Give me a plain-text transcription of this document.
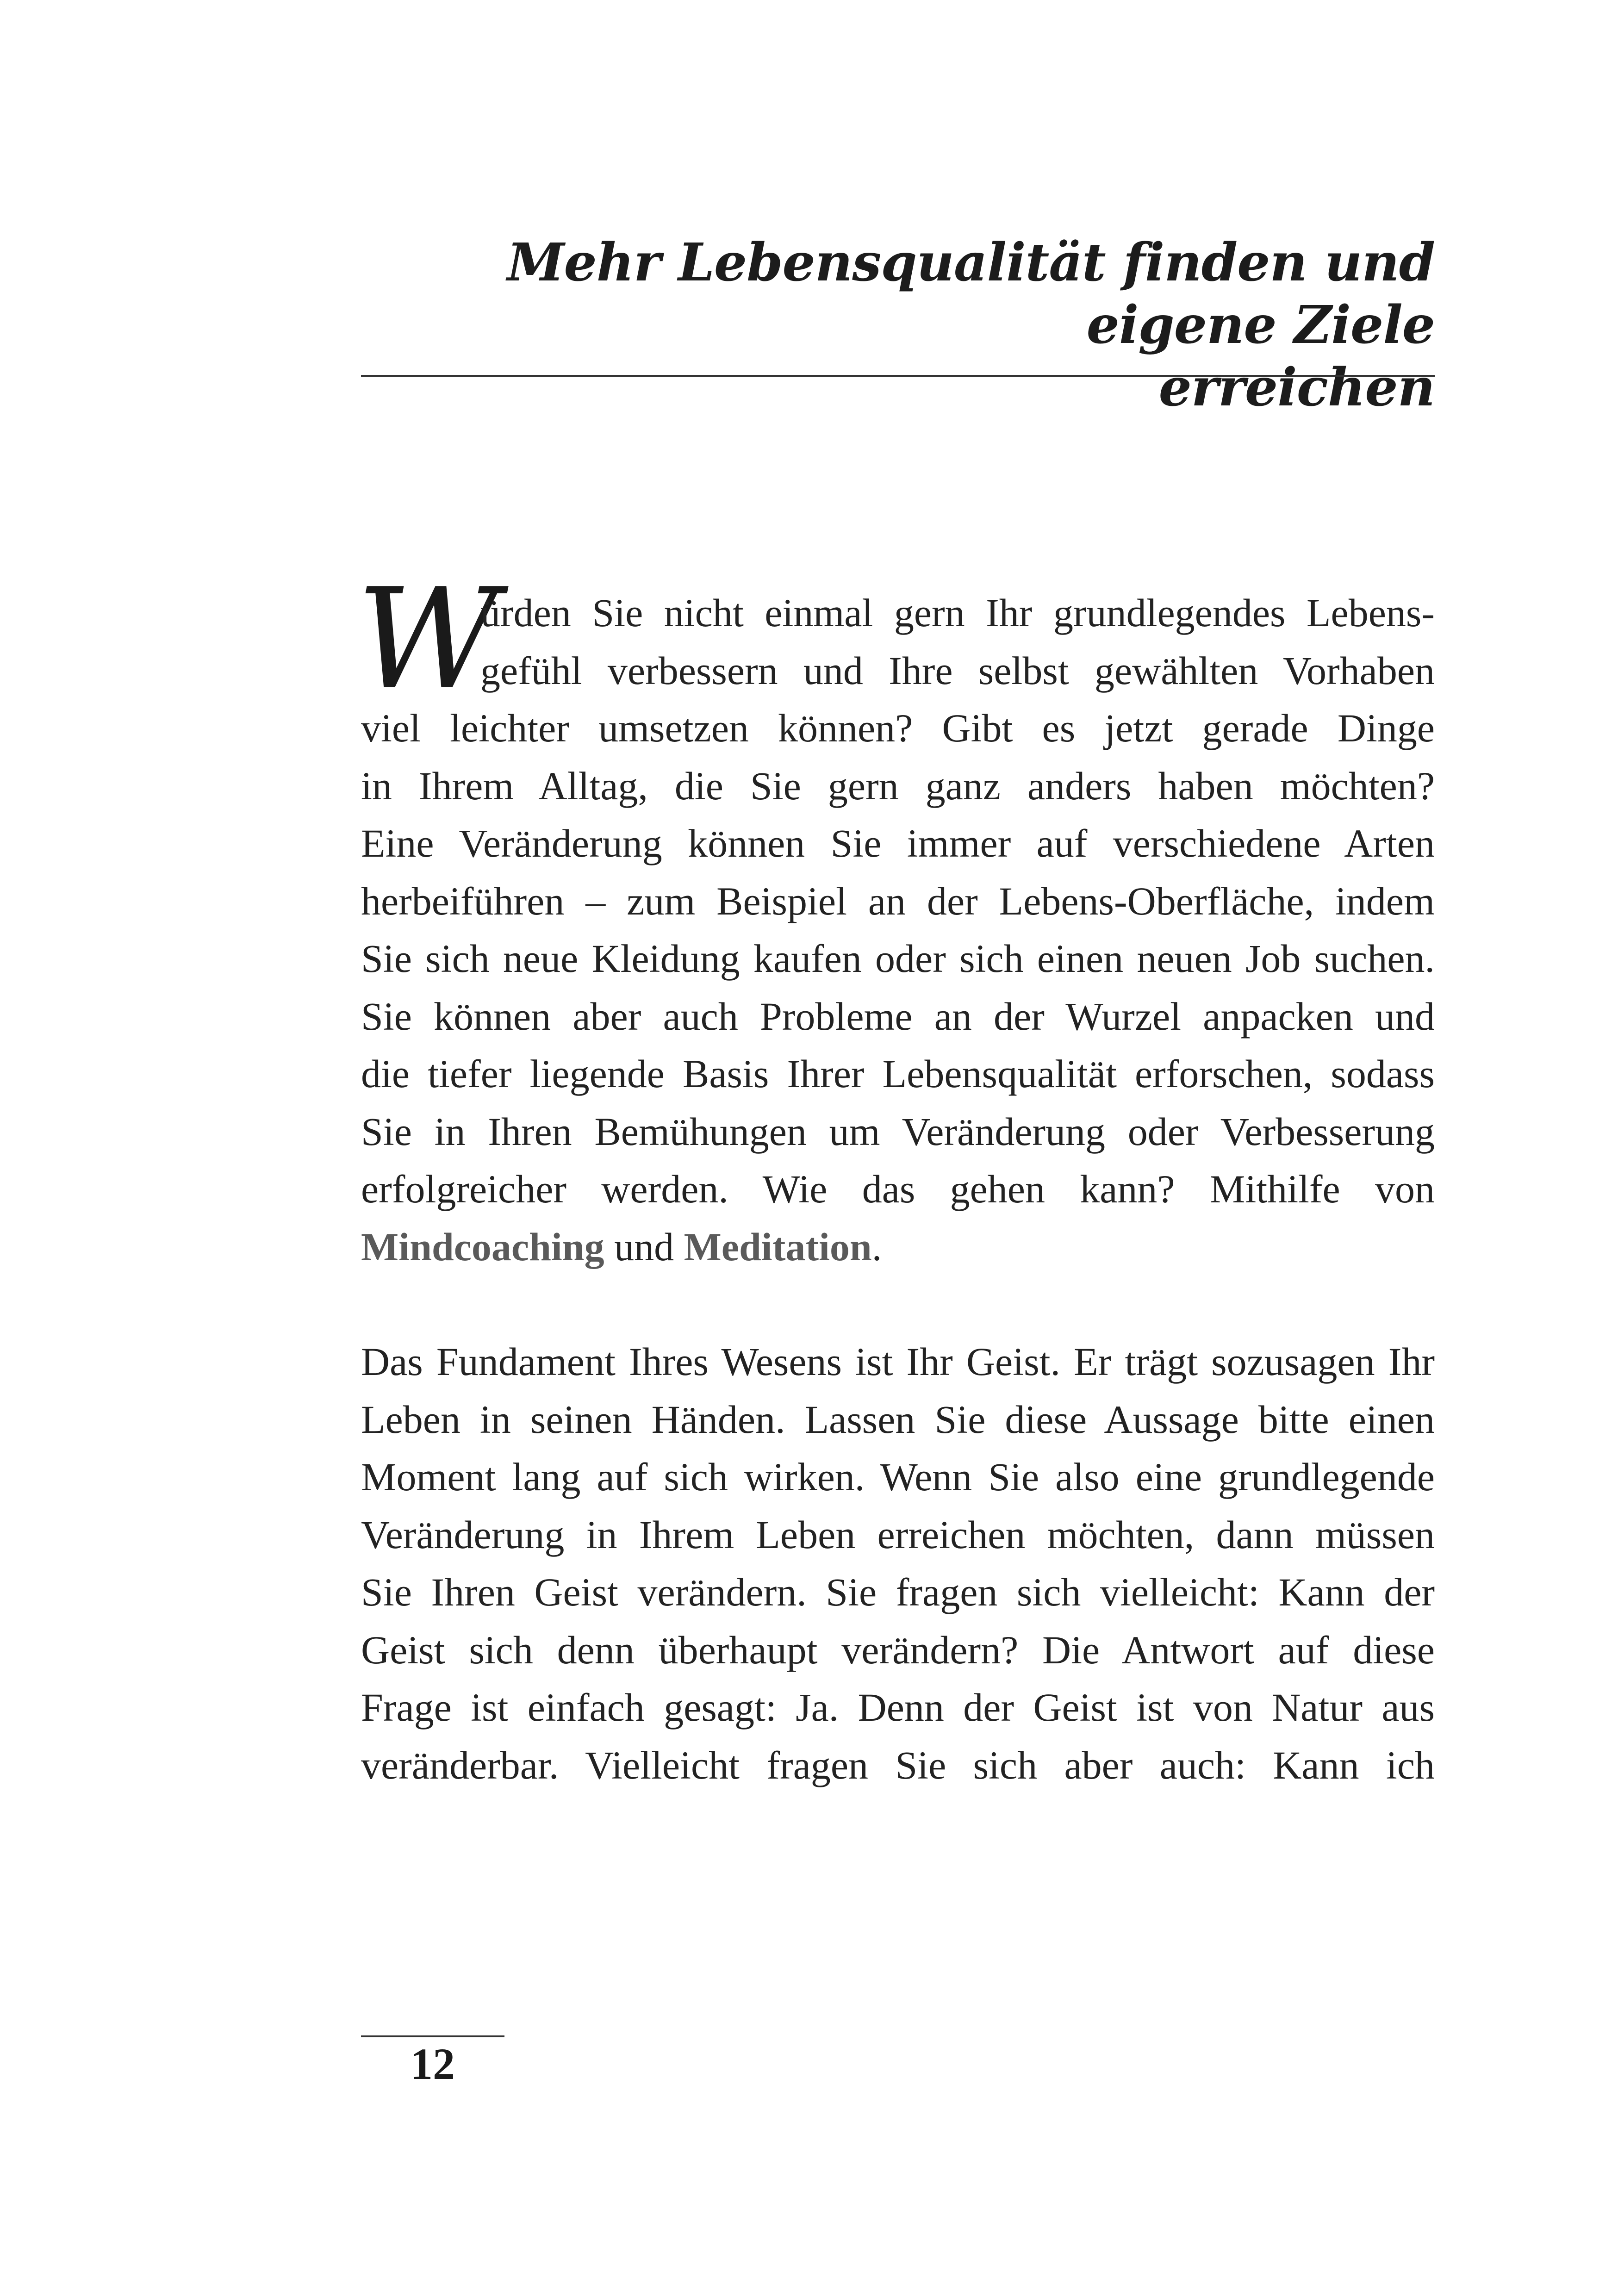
Mehr Lebensqualität finden und eigene Ziele
erreichen
W
ürden Sie nicht einmal gern Ihr grundlegendes Lebens-
gefühl verbessern und Ihre selbst gewählten Vorhaben
viel leichter umsetzen können? Gibt es jetzt gerade Dinge
in Ihrem Alltag, die Sie gern ganz anders haben möchten?
Eine Veränderung können Sie immer auf verschiedene Arten
herbeiführen – zum Beispiel an der Lebens-Oberfläche, indem
Sie sich neue Kleidung kaufen oder sich einen neuen Job suchen.
Sie können aber auch Probleme an der Wurzel anpacken und
die tiefer liegende Basis Ihrer Lebensqualität erforschen, sodass
Sie in Ihren Bemühungen um Veränderung oder Verbesserung
erfolgreicher werden. Wie das gehen kann? Mithilfe von
Mindcoaching und Meditation.
Das Fundament Ihres Wesens ist Ihr Geist. Er trägt sozusagen Ihr
Leben in seinen Händen. Lassen Sie diese Aussage bitte einen
Moment lang auf sich wirken. Wenn Sie also eine grundlegende
Veränderung in Ihrem Leben erreichen möchten, dann müssen
Sie Ihren Geist verändern. Sie fragen sich vielleicht: Kann der
Geist sich denn überhaupt verändern? Die Antwort auf diese
Frage ist einfach gesagt: Ja. Denn der Geist ist von Natur aus
veränderbar. Vielleicht fragen Sie sich aber auch: Kann ich
12
